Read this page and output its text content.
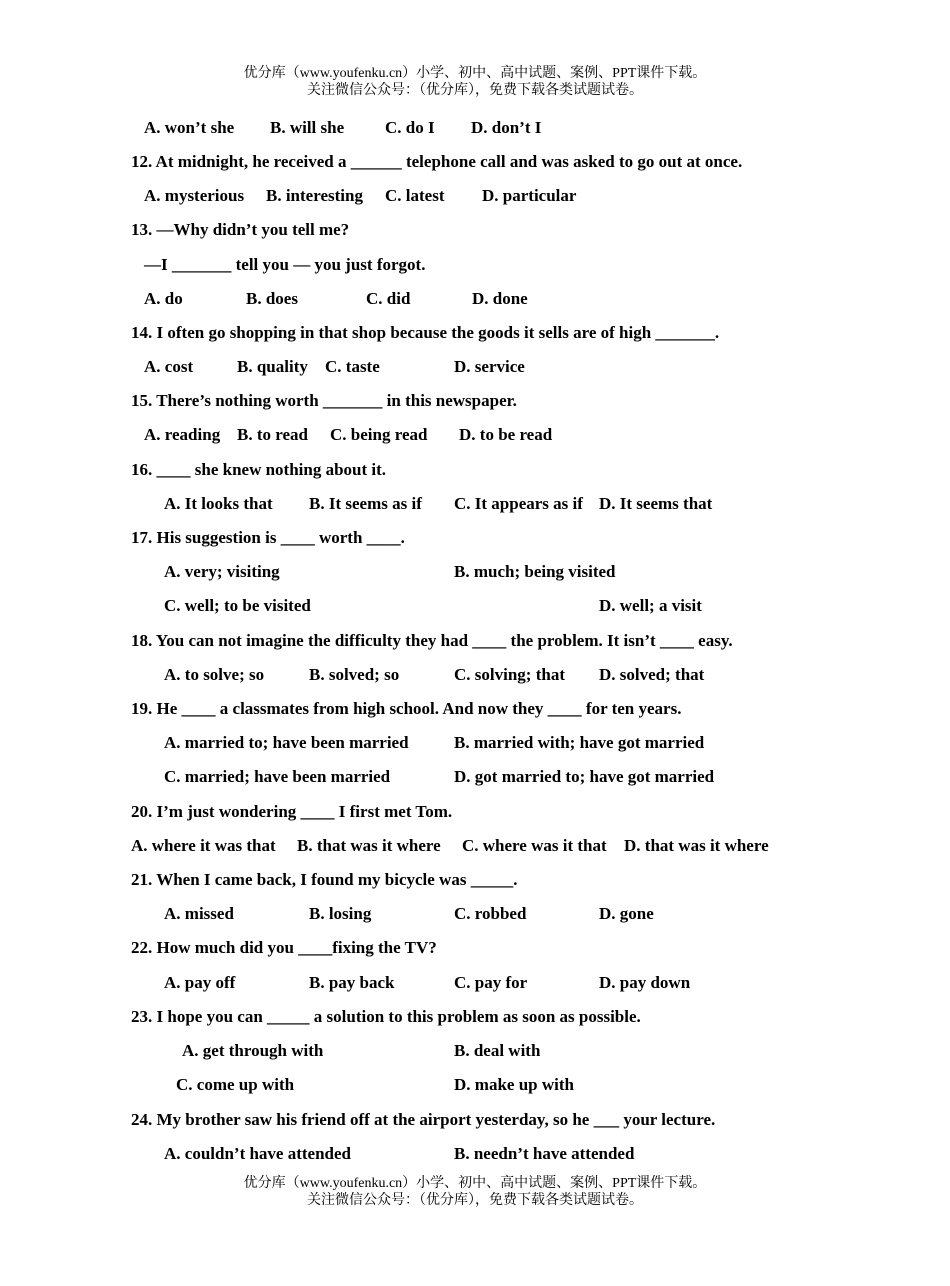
优分库（www.youfenku.cn）小学、初中、高中试题、案例、PPT课件下载。
关注微信公众号：（优分库），免费下载各类试题试卷。
A. won’t she B. will she C. do I D. don’t I
12. At midnight, he received a ______ telephone call and was asked to go out at once.
A. mysterious B. interesting C. latest D. particular
13. —Why didn’t you tell me?
—I _______ tell you — you just forgot.
A. do	B. does	C. did	D. done
14. I often go shopping in that shop because the goods it sells are of high _______.
A. cost	B. quality C. taste	D. service
15. There’s nothing worth _______ in this newspaper.
A. reading B. to read C. being read D. to be read
16. ____ she knew nothing about it.
A. It looks that B. It seems as if C. It appears as if D. It seems that
17. His suggestion is ____ worth ____.
A. very; visiting	B. much; being visited
C. well; to be visited	D. well; a visit
18. You can not imagine the difficulty they had ____ the problem. It isn’t ____ easy.
A. to solve; so	B. solved; so	C. solving; that D. solved; that
19. He ____ a classmates from high school. And now they ____ for ten years.
A. married to; have been married	B. married with; have got married
C. married; have been married	D. got married to; have got married
20. I’m just wondering ____ I first met Tom.
A. where it was that B. that was it where C. where was it that D. that was it where
21. When I came back, I found my bicycle was _____.
A. missed	B. losing	C. robbed	D. gone
22. How much did you ____fixing the TV?
A. pay off	B. pay back	C. pay for	D. pay down
23. I hope you can _____ a solution to this problem as soon as possible.
A. get through with	B. deal with
C. come up with	D. make up with
24. My brother saw his friend off at the airport yesterday, so he ___ your lecture.
A. couldn’t have attended	B. needn’t have attended
优分库（www.youfenku.cn）小学、初中、高中试题、案例、PPT课件下载。
关注微信公众号：（优分库），免费下载各类试题试卷。
